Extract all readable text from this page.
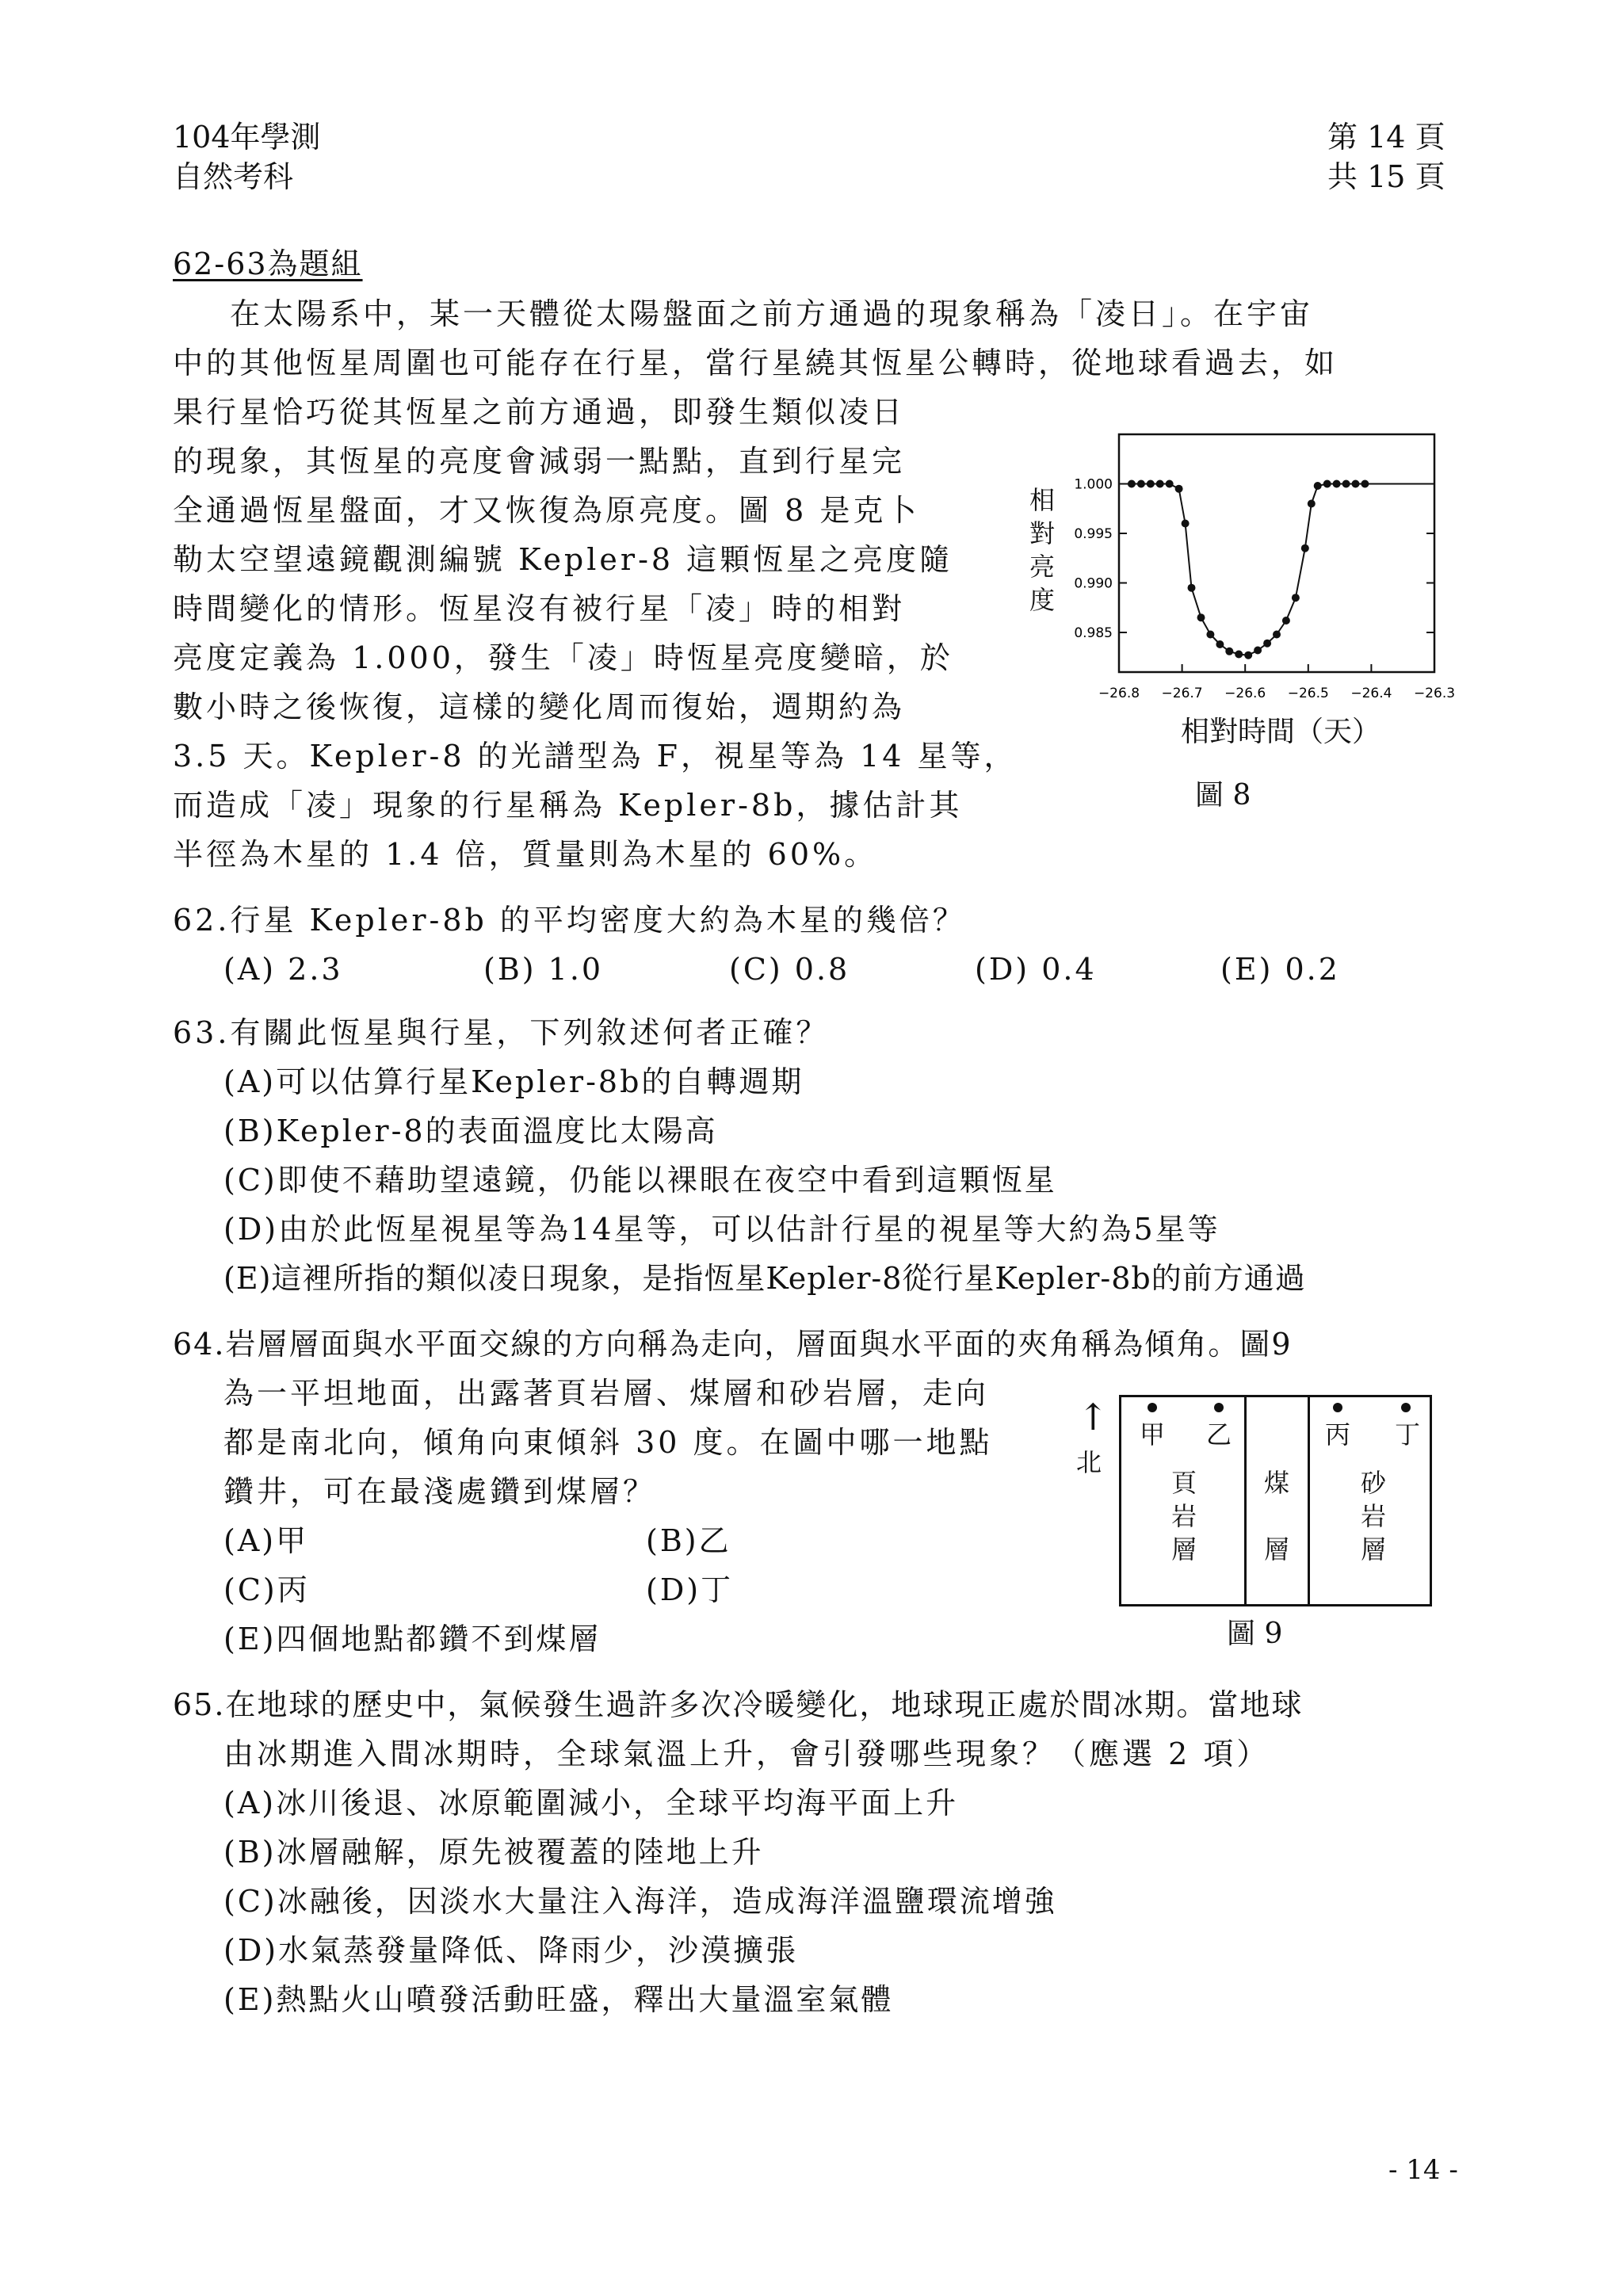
104年學測
自然考科
第 14 頁
共 15 頁
62-63為題組
在太陽系中，某一天體從太陽盤面之前方通過的現象稱為「凌日」。在宇宙
中的其他恆星周圍也可能存在行星，當行星繞其恆星公轉時，從地球看過去，如
果行星恰巧從其恆星之前方通過，即發生類似凌日
的現象，其恆星的亮度會減弱一點點，直到行星完
全通過恆星盤面，才又恢復為原亮度。圖 8 是克卜
勒太空望遠鏡觀測編號 Kepler-8 這顆恆星之亮度隨
時間變化的情形。恆星沒有被行星「凌」時的相對
亮度定義為 1.000，發生「凌」時恆星亮度變暗，於
數小時之後恢復，這樣的變化周而復始，週期約為
3.5 天。Kepler-8 的光譜型為 F，視星等為 14 星等，
而造成「凌」現象的行星稱為 Kepler-8b，據估計其
半徑為木星的 1.4 倍，質量則為木星的 60%。
相
對
亮
度
1.000
0.995
0.990
0.985
−26.8 −26.7 −26.6 −26.5 −26.4 −26.3
相對時間（天）
圖 8
62.行星 Kepler-8b 的平均密度大約為木星的幾倍？
(A) 2.3	(B) 1.0	(C) 0.8	(D) 0.4	(E) 0.2
63.有關此恆星與行星，下列敘述何者正確？
(A)可以估算行星Kepler-8b的自轉週期
(B)Kepler-8的表面溫度比太陽高
(C)即使不藉助望遠鏡，仍能以裸眼在夜空中看到這顆恆星
(D)由於此恆星視星等為14星等，可以估計行星的視星等大約為5星等
(E)這裡所指的類似凌日現象，是指恆星Kepler-8從行星Kepler-8b的前方通過
64.岩層層面與水平面交線的方向稱為走向，層面與水平面的夾角稱為傾角。圖9
為一平坦地面，出露著頁岩層、煤層和砂岩層，走向
都是南北向，傾角向東傾斜 30 度。在圖中哪一地點
鑽井，可在最淺處鑽到煤層？
(A)甲	(B)乙
(C)丙	(D)丁
(E)四個地點都鑽不到煤層
↑
北
甲 乙	丙 丁
頁
岩
層
煤
層
砂
岩
層
圖 9
65.在地球的歷史中，氣候發生過許多次冷暖變化，地球現正處於間冰期。當地球
由冰期進入間冰期時，全球氣溫上升，會引發哪些現象？（應選 2 項）
(A)冰川後退、冰原範圍減小，全球平均海平面上升
(B)冰層融解，原先被覆蓋的陸地上升
(C)冰融後，因淡水大量注入海洋，造成海洋溫鹽環流增強
(D)水氣蒸發量降低、降雨少，沙漠擴張
(E)熱點火山噴發活動旺盛，釋出大量溫室氣體
- 14 -
